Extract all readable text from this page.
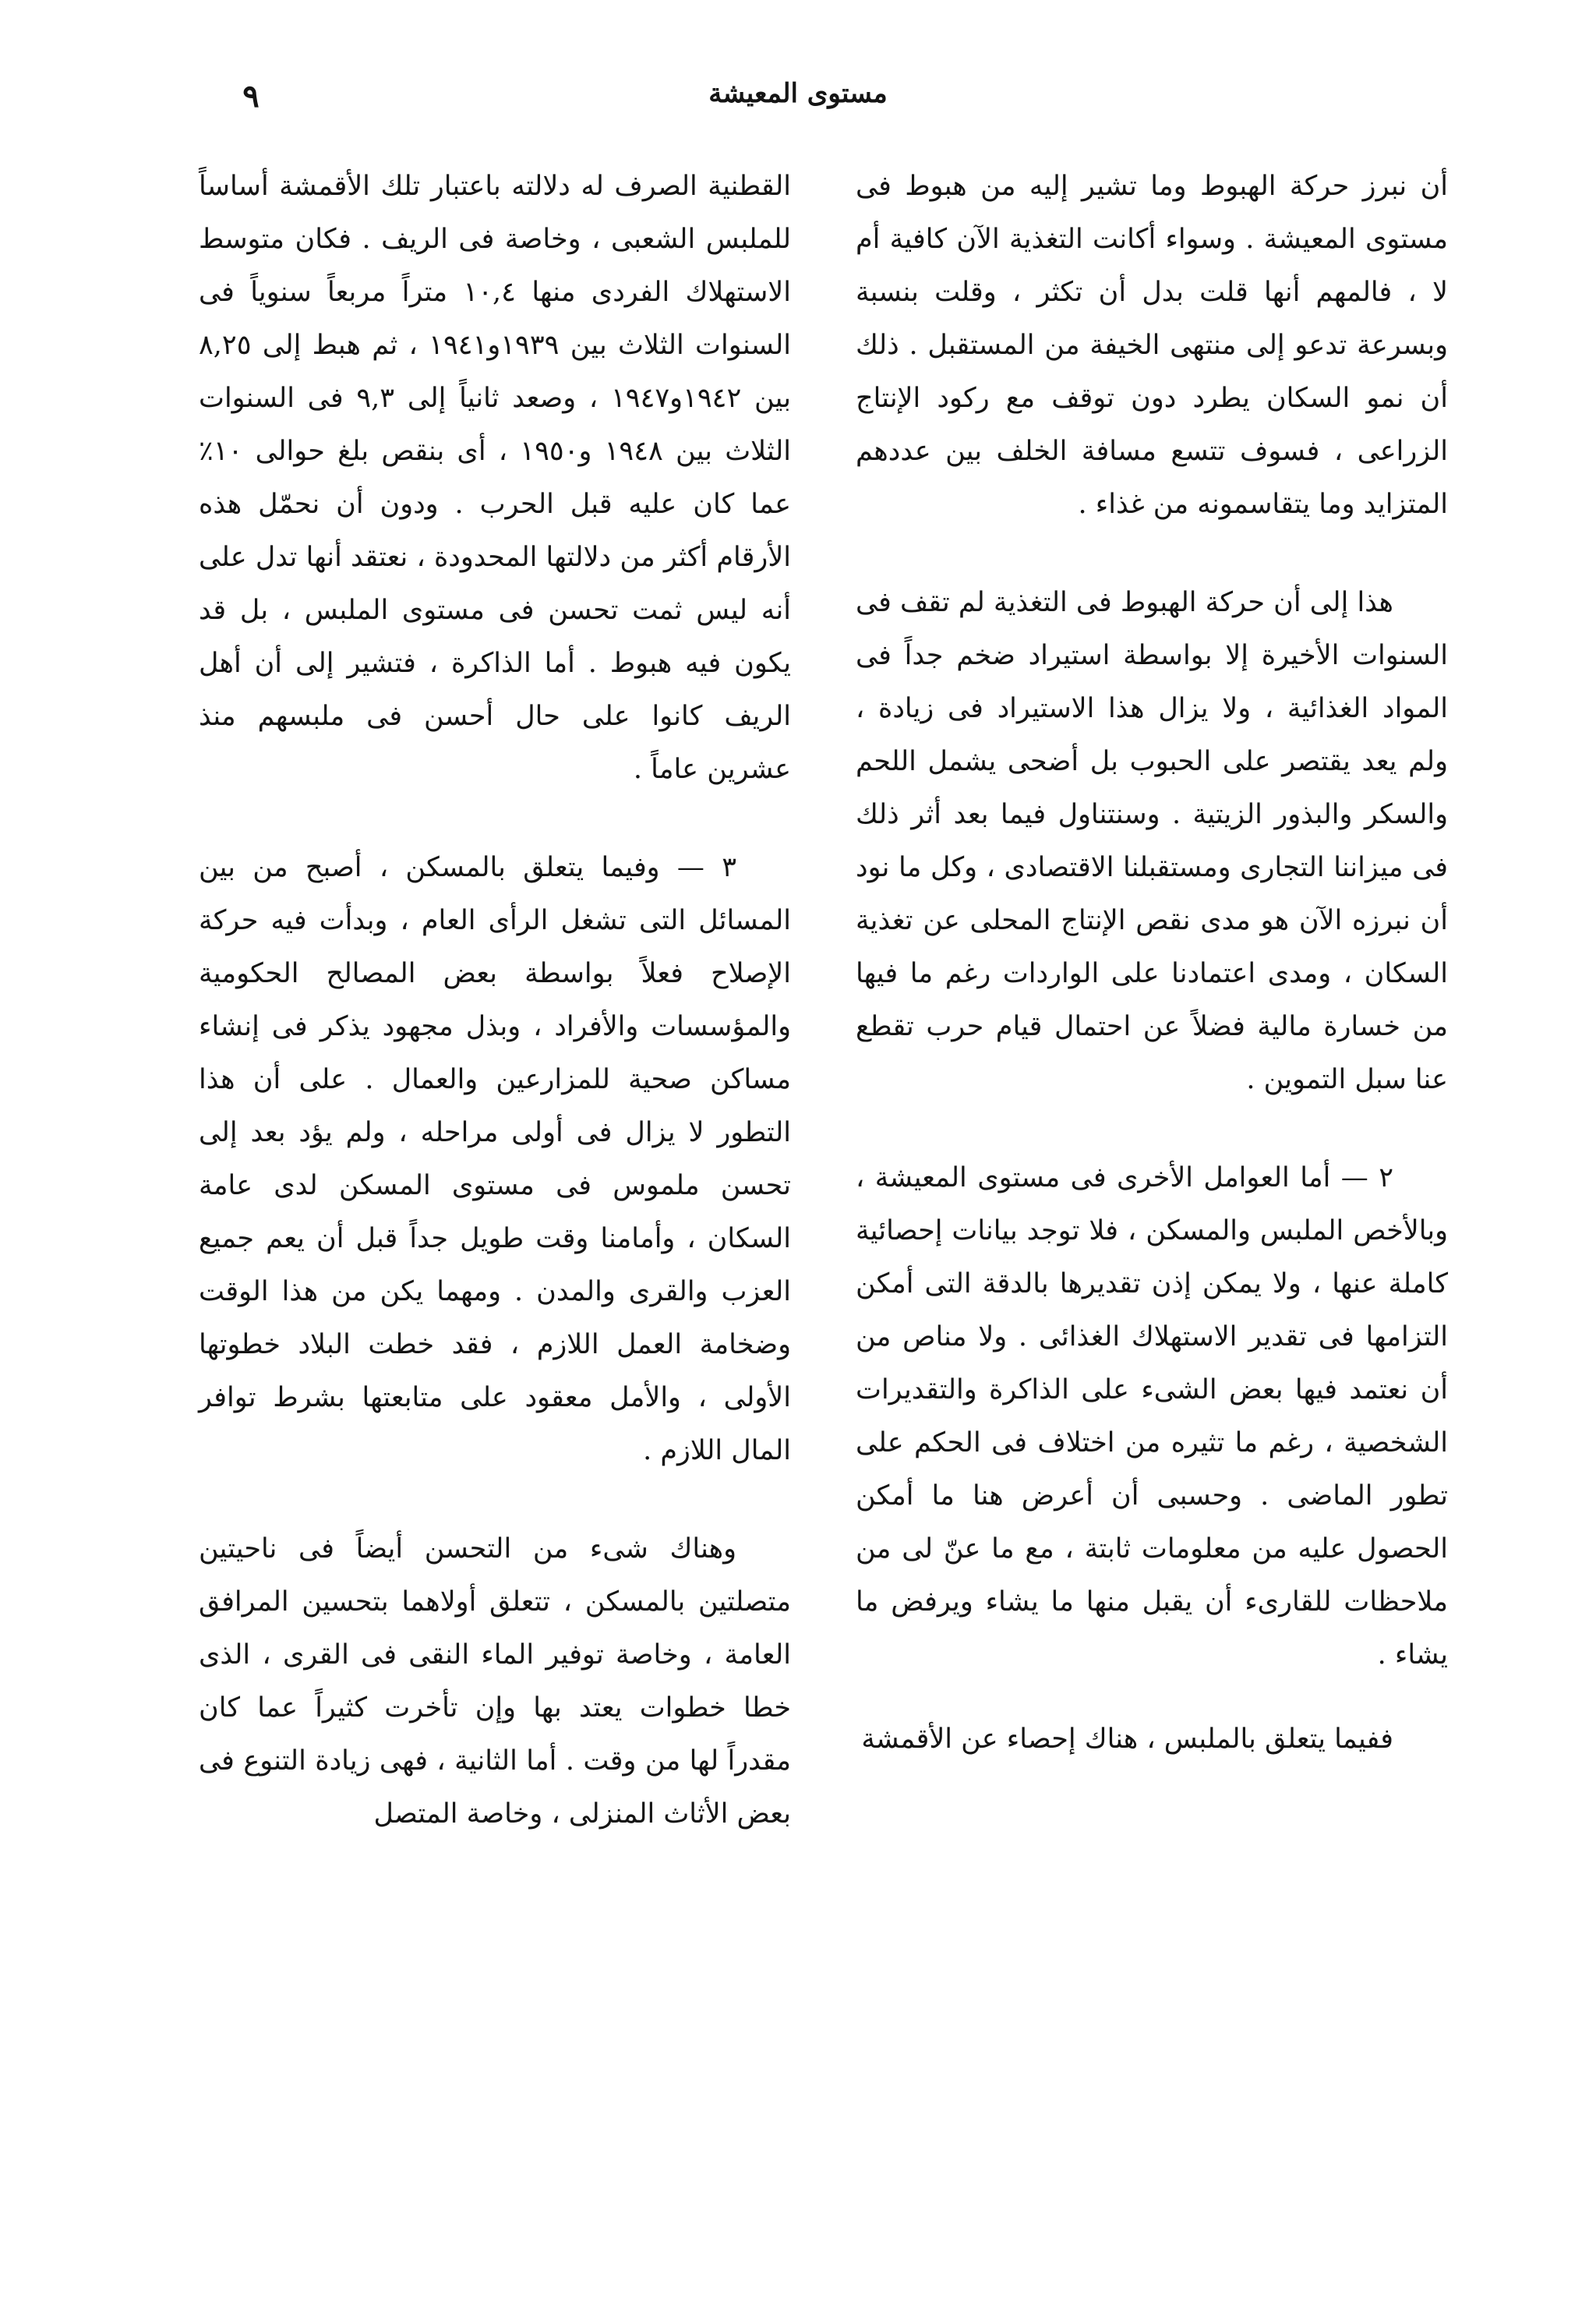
مستوى المعيشة
٩

أن نبرز حركة الهبوط وما تشير إليه من هبوط فى مستوى المعيشة . وسواء أكانت التغذية الآن كافية أم لا ، فالمهم أنها قلت بدل أن تكثر ، وقلت بنسبة وبسرعة تدعو إلى منتهى الخيفة من المستقبل . ذلك أن نمو السكان يطرد دون توقف مع ركود الإنتاج الزراعى ، فسوف تتسع مسافة الخلف بين عددهم المتزايد وما يتقاسمونه من غذاء .

هذا إلى أن حركة الهبوط فى التغذية لم تقف فى السنوات الأخيرة إلا بواسطة استيراد ضخم جداً فى المواد الغذائية ، ولا يزال هذا الاستيراد فى زيادة ، ولم يعد يقتصر على الحبوب بل أضحى يشمل اللحم والسكر والبذور الزيتية . وسنتناول فيما بعد أثر ذلك فى ميزاننا التجارى ومستقبلنا الاقتصادى ، وكل ما نود أن نبرزه الآن هو مدى نقص الإنتاج المحلى عن تغذية السكان ، ومدى اعتمادنا على الواردات رغم ما فيها من خسارة مالية فضلاً عن احتمال قيام حرب تقطع عنا سبل التموين .

٢ — أما العوامل الأخرى فى مستوى المعيشة ، وبالأخص الملبس والمسكن ، فلا توجد بيانات إحصائية كاملة عنها ، ولا يمكن إذن تقديرها بالدقة التى أمكن التزامها فى تقدير الاستهلاك الغذائى . ولا مناص من أن نعتمد فيها بعض الشىء على الذاكرة والتقديرات الشخصية ، رغم ما تثيره من اختلاف فى الحكم على تطور الماضى . وحسبى أن أعرض هنا ما أمكن الحصول عليه من معلومات ثابتة ، مع ما عنّ لى من ملاحظات للقارىء أن يقبل منها ما يشاء ويرفض ما يشاء .

ففيما يتعلق بالملبس ، هناك إحصاء عن الأقمشة

القطنية الصرف له دلالته باعتبار تلك الأقمشة أساساً للملبس الشعبى ، وخاصة فى الريف . فكان متوسط الاستهلاك الفردى منها ١٠,٤ متراً مربعاً سنوياً فى السنوات الثلاث بين ١٩٣٩و١٩٤١ ، ثم هبط إلى ٨,٢٥ بين ١٩٤٢و١٩٤٧ ، وصعد ثانياً إلى ٩,٣ فى السنوات الثلاث بين ١٩٤٨ و١٩٥٠ ، أى بنقص بلغ حوالى ١٠٪ عما كان عليه قبل الحرب . ودون أن نحمّل هذه الأرقام أكثر من دلالتها المحدودة ، نعتقد أنها تدل على أنه ليس ثمت تحسن فى مستوى الملبس ، بل قد يكون فيه هبوط . أما الذاكرة ، فتشير إلى أن أهل الريف كانوا على حال أحسن فى ملبسهم منذ عشرين عاماً .

٣ — وفيما يتعلق بالمسكن ، أصبح من بين المسائل التى تشغل الرأى العام ، وبدأت فيه حركة الإصلاح فعلاً بواسطة بعض المصالح الحكومية والمؤسسات والأفراد ، وبذل مجهود يذكر فى إنشاء مساكن صحية للمزارعين والعمال . على أن هذا التطور لا يزال فى أولى مراحله ، ولم يؤد بعد إلى تحسن ملموس فى مستوى المسكن لدى عامة السكان ، وأمامنا وقت طويل جداً قبل أن يعم جميع العزب والقرى والمدن . ومهما يكن من هذا الوقت وضخامة العمل اللازم ، فقد خطت البلاد خطوتها الأولى ، والأمل معقود على متابعتها بشرط توافر المال اللازم .

وهناك شىء من التحسن أيضاً فى ناحيتين متصلتين بالمسكن ، تتعلق أولاهما بتحسين المرافق العامة ، وخاصة توفير الماء النقى فى القرى ، الذى خطا خطوات يعتد بها وإن تأخرت كثيراً عما كان مقدراً لها من وقت . أما الثانية ، فهى زيادة التنوع فى بعض الأثاث المنزلى ، وخاصة المتصل
